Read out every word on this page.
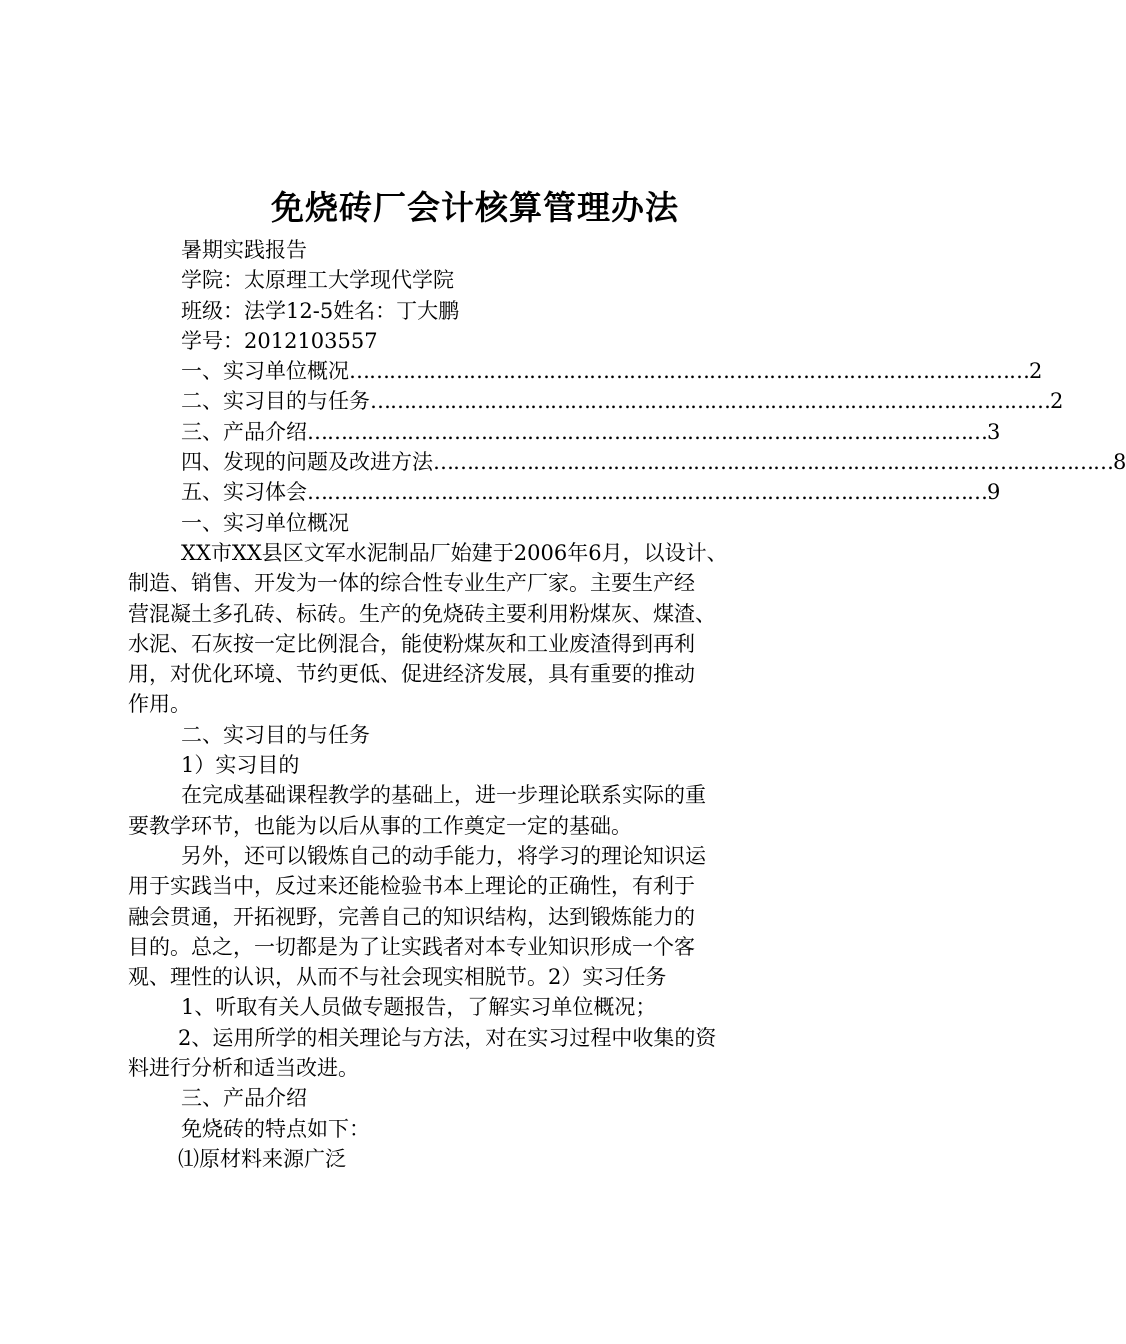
免烧砖厂会计核算管理办法
暑期实践报告
学院：太原理工大学现代学院
班级：法学12-5姓名：丁大鹏
学号：2012103557
一、实习单位概况 ………………………………………………………………………………………… 2
二、实习目的与任务 ………………………………………………………………………………………… 2
三、产品介绍 ………………………………………………………………………………………… 3
四、发现的问题及改进方法 ………………………………………………………………………………………… 8
五、实习体会 ………………………………………………………………………………………… 9
一、实习单位概况
XX市XX县区文军水泥制品厂始建于2006年6月，以设计、
制造、销售、开发为一体的综合性专业生产厂家。主要生产经
营混凝土多孔砖、标砖。生产的免烧砖主要利用粉煤灰、煤渣、
水泥、石灰按一定比例混合，能使粉煤灰和工业废渣得到再利
用，对优化环境、节约更低、促进经济发展，具有重要的推动
作用。
二、实习目的与任务
1）实习目的
在完成基础课程教学的基础上，进一步理论联系实际的重
要教学环节，也能为以后从事的工作奠定一定的基础。
另外，还可以锻炼自己的动手能力，将学习的理论知识运
用于实践当中，反过来还能检验书本上理论的正确性，有利于
融会贯通，开拓视野，完善自己的知识结构，达到锻炼能力的
目的。总之，一切都是为了让实践者对本专业知识形成一个客
观、理性的认识，从而不与社会现实相脱节。2）实习任务
1、听取有关人员做专题报告，了解实习单位概况；
2、运用所学的相关理论与方法，对在实习过程中收集的资
料进行分析和适当改进。
三、产品介绍
免烧砖的特点如下：
⑴原材料来源广泛
